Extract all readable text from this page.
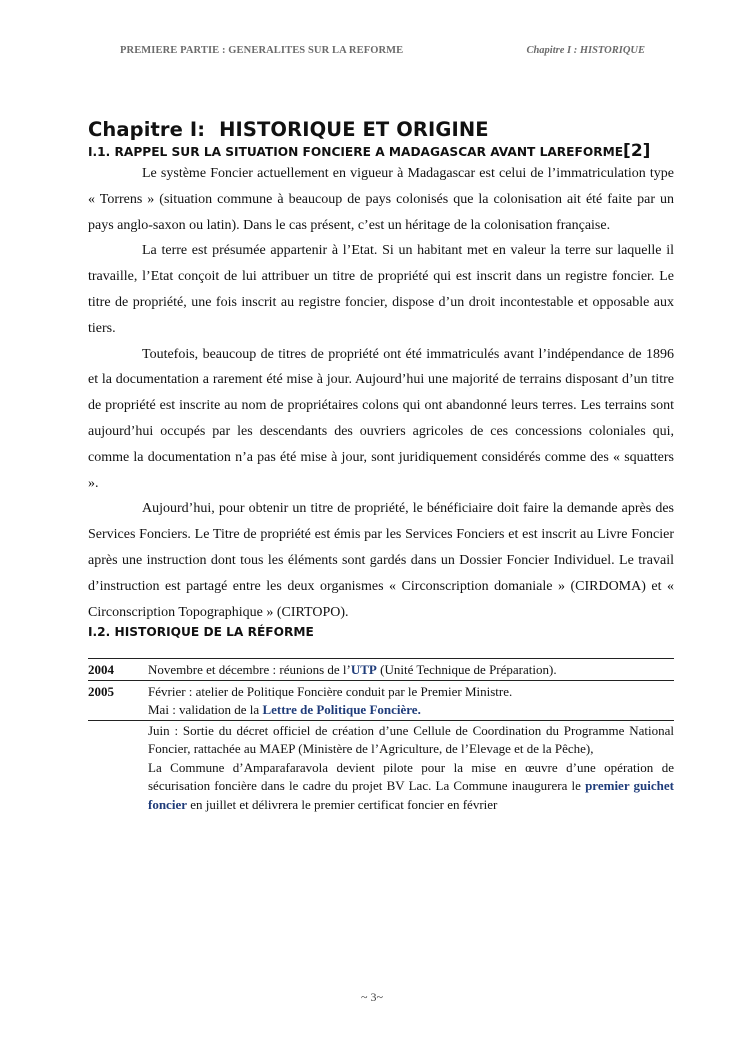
PREMIERE PARTIE : GENERALITES SUR LA REFORME	Chapitre I : HISTORIQUE
Chapitre I: HISTORIQUE ET ORIGINE
I.1. RAPPEL SUR LA SITUATION FONCIERE A MADAGASCAR AVANT LAREFORME[2]

Le système Foncier actuellement en vigueur à Madagascar est celui de l’immatriculation type « Torrens » (situation commune à beaucoup de pays colonisés que la colonisation ait été faite par un pays anglo-saxon ou latin). Dans le cas présent, c’est un héritage de la colonisation française.

La terre est présumée appartenir à l’Etat. Si un habitant met en valeur la terre sur laquelle il travaille, l’Etat conçoit de lui attribuer un titre de propriété qui est inscrit dans un registre foncier. Le titre de propriété, une fois inscrit au registre foncier, dispose d’un droit incontestable et opposable aux tiers.

Toutefois, beaucoup de titres de propriété ont été immatriculés avant l’indépendance de 1896 et la documentation a rarement été mise à jour. Aujourd’hui une majorité de terrains disposant d’un titre de propriété est inscrite au nom de propriétaires colons qui ont abandonné leurs terres. Les terrains sont aujourd’hui occupés par les descendants des ouvriers agricoles de ces concessions coloniales qui, comme la documentation n’a pas été mise à jour, sont juridiquement considérés comme des « squatters ».

Aujourd’hui, pour obtenir un titre de propriété, le bénéficiaire doit faire la demande après des Services Fonciers. Le Titre de propriété est émis par les Services Fonciers et est inscrit au Livre Foncier après une instruction dont tous les éléments sont gardés dans un Dossier Foncier Individuel. Le travail d’instruction est partagé entre les deux organismes « Circonscription domaniale » (CIRDOMA) et « Circonscription Topographique » (CIRTOPO).

I.2. HISTORIQUE DE LA RÉFORME
2004	Novembre et décembre : réunions de l’UTP (Unité Technique de Préparation).
2005	Février : atelier de Politique Foncière conduit par le Premier Ministre.
Mai : validation de la Lettre de Politique Foncière.

	Juin : Sortie du décret officiel de création d’une Cellule de Coordination du Programme National Foncier, rattachée au MAEP (Ministère de l’Agriculture, de l’Elevage et de la Pêche),
La Commune d’Amparafaravola devient pilote pour la mise en œuvre d’une opération de sécurisation foncière dans le cadre du projet BV Lac. La Commune inaugurera le premier guichet foncier en juillet et délivrera le premier certificat foncier en février
~ 3~
